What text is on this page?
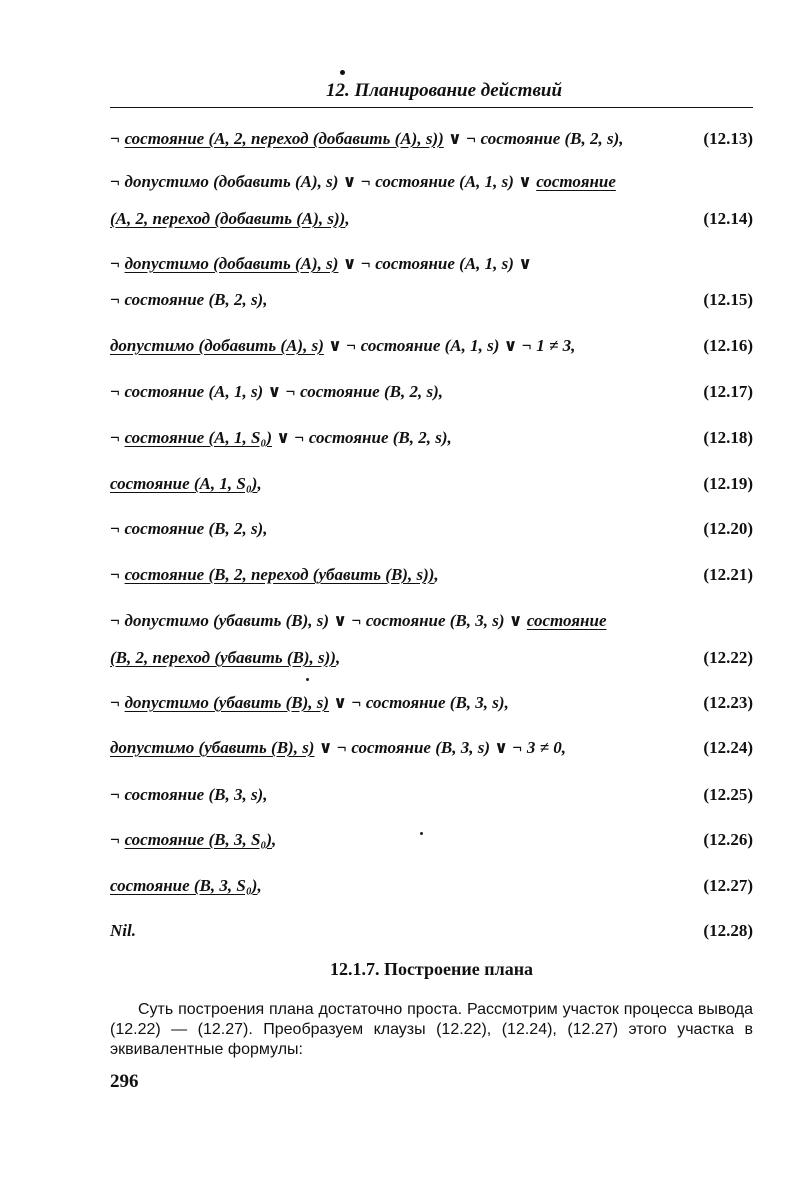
12. Планирование действий
¬ состояние (A, 2, переход (добавить (A), s)) ∨ ¬ состояние (B, 2, s),	(12.13)
¬ допустимо (добавить (A), s) ∨ ¬ состояние (A, 1, s) ∨ состояние
(A, 2, переход (добавить (A), s)),	(12.14)
¬ допустимо (добавить (A), s) ∨ ¬ состояние (A, 1, s) ∨
¬ состояние (B, 2, s),	(12.15)
допустимо (добавить (A), s) ∨ ¬ состояние (A, 1, s) ∨ ¬ 1 ≠ 3,	(12.16)
¬ состояние (A, 1, s) ∨ ¬ состояние (B, 2, s),	(12.17)
¬ состояние (A, 1, S₀) ∨ ¬ состояние (B, 2, s),	(12.18)
состояние (A, 1, S₀),	(12.19)
¬ состояние (B, 2, s),	(12.20)
¬ состояние (B, 2, переход (убавить (B), s)),	(12.21)
¬ допустимо (убавить (B), s) ∨ ¬ состояние (B, 3, s) ∨ состояние
(B, 2, переход (убавить (B), s)),	(12.22)
¬ допустимо (убавить (B), s) ∨ ¬ состояние (B, 3, s),	(12.23)
допустимо (убавить (B), s) ∨ ¬ состояние (B, 3, s) ∨ ¬ 3 ≠ 0,	(12.24)
¬ состояние (B, 3, s),	(12.25)
¬ состояние (B, 3, S₀),	(12.26)
состояние (B, 3, S₀),	(12.27)
Nil.	(12.28)
12.1.7. Построение плана
Суть построения плана достаточно проста. Рассмотрим участок процесса вывода (12.22) — (12.27). Преобразуем клаузы (12.22), (12.24), (12.27) этого участка в эквивалентные формулы:
296
